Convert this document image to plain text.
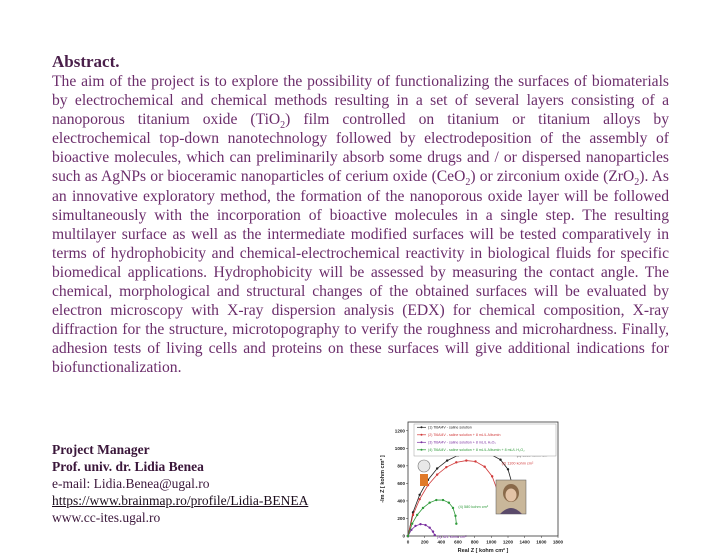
Abstract.

The aim of the project is to explore the possibility of functionalizing the surfaces of biomaterials by electrochemical and chemical methods resulting in a set of several layers consisting of a nanoporous titanium oxide (TiO$_2$) film controlled on titanium or titanium alloys by electrochemical top-down nanotechnology followed by electrodeposition of the assembly of bioactive molecules, which can preliminarily absorb some drugs and / or dispersed nanoparticles such as AgNPs or bioceramic nanoparticles of cerium oxide (CeO$_2$) or zirconium oxide (ZrO$_2$). As an innovative exploratory method, the formation of the nanoporous oxide layer will be followed simultaneously with the incorporation of bioactive molecules in a single step. The resulting multilayer surface as well as the intermediate modified surfaces will be tested comparatively in terms of hydrophobicity and chemical-electrochemical reactivity in biological fluids for specific biomedical applications. Hydrophobicity will be assessed by measuring the contact angle. The chemical, morphological and structural changes of the obtained surfaces will be evaluated by electron microscopy with X-ray dispersion analysis (EDX) for chemical composition, X-ray diffraction for the structure, microtopography to verify the roughness and microhardness. Finally, adhesion tests of living cells and proteins on these surfaces will give additional indications for biofunctionalization.

Project Manager
Prof. univ. dr. Lidia Benea
e-mail: Lidia.Benea@ugal.ro
https://www.brainmap.ro/profile/Lidia-BENEA
www.cc-ites.ugal.ro
0
200
400
600
800
1000
1200
0	200 400 600 800 1000 1200 1400 1600 1800
(2) 1100 kohm cm²
(3) 321 kohm cm²
(4) 580 kohm cm²
(1) Ti6Al4V - saline solution
(2) Ti6Al4V - saline solution + 8 mL/L Albumin
(3) Ti6Al4V - saline solution + 8 mL/L H₂O₂
(4) Ti6Al4V - saline solution + 8 mL/L Albumin + 8 mL/L H₂O₂
Real Z [ kohm cm² ]
-Im Z [ kohm cm² ]
